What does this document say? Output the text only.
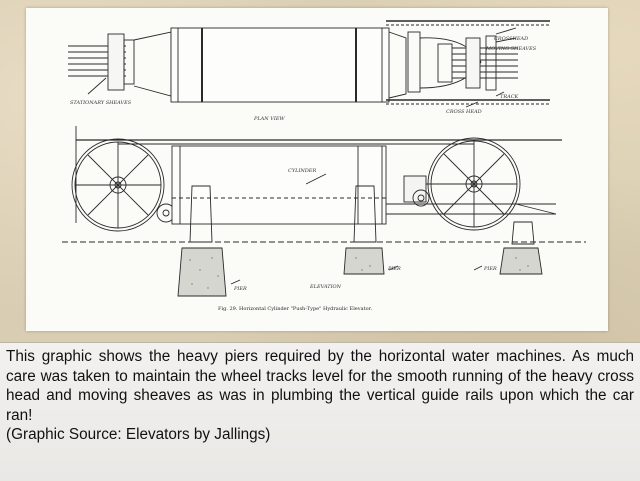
STATIONARY SHEAVES
MOVING SHEAVES
CROSSHEAD
TRACK
CROSS HEAD
PLAN VIEW
CYLINDER
ELEVATION
PIER
PIER	PIER
Fig. 29. Horizontal Cylinder "Push-Type" Hydraulic Elevator.
This graphic shows the heavy piers required by the horizontal water machines. As much care was taken to maintain the wheel tracks level for the smooth running of the heavy cross head and moving sheaves as was in plumbing the vertical guide rails upon which the car ran!
(Graphic Source: Elevators by Jallings)
